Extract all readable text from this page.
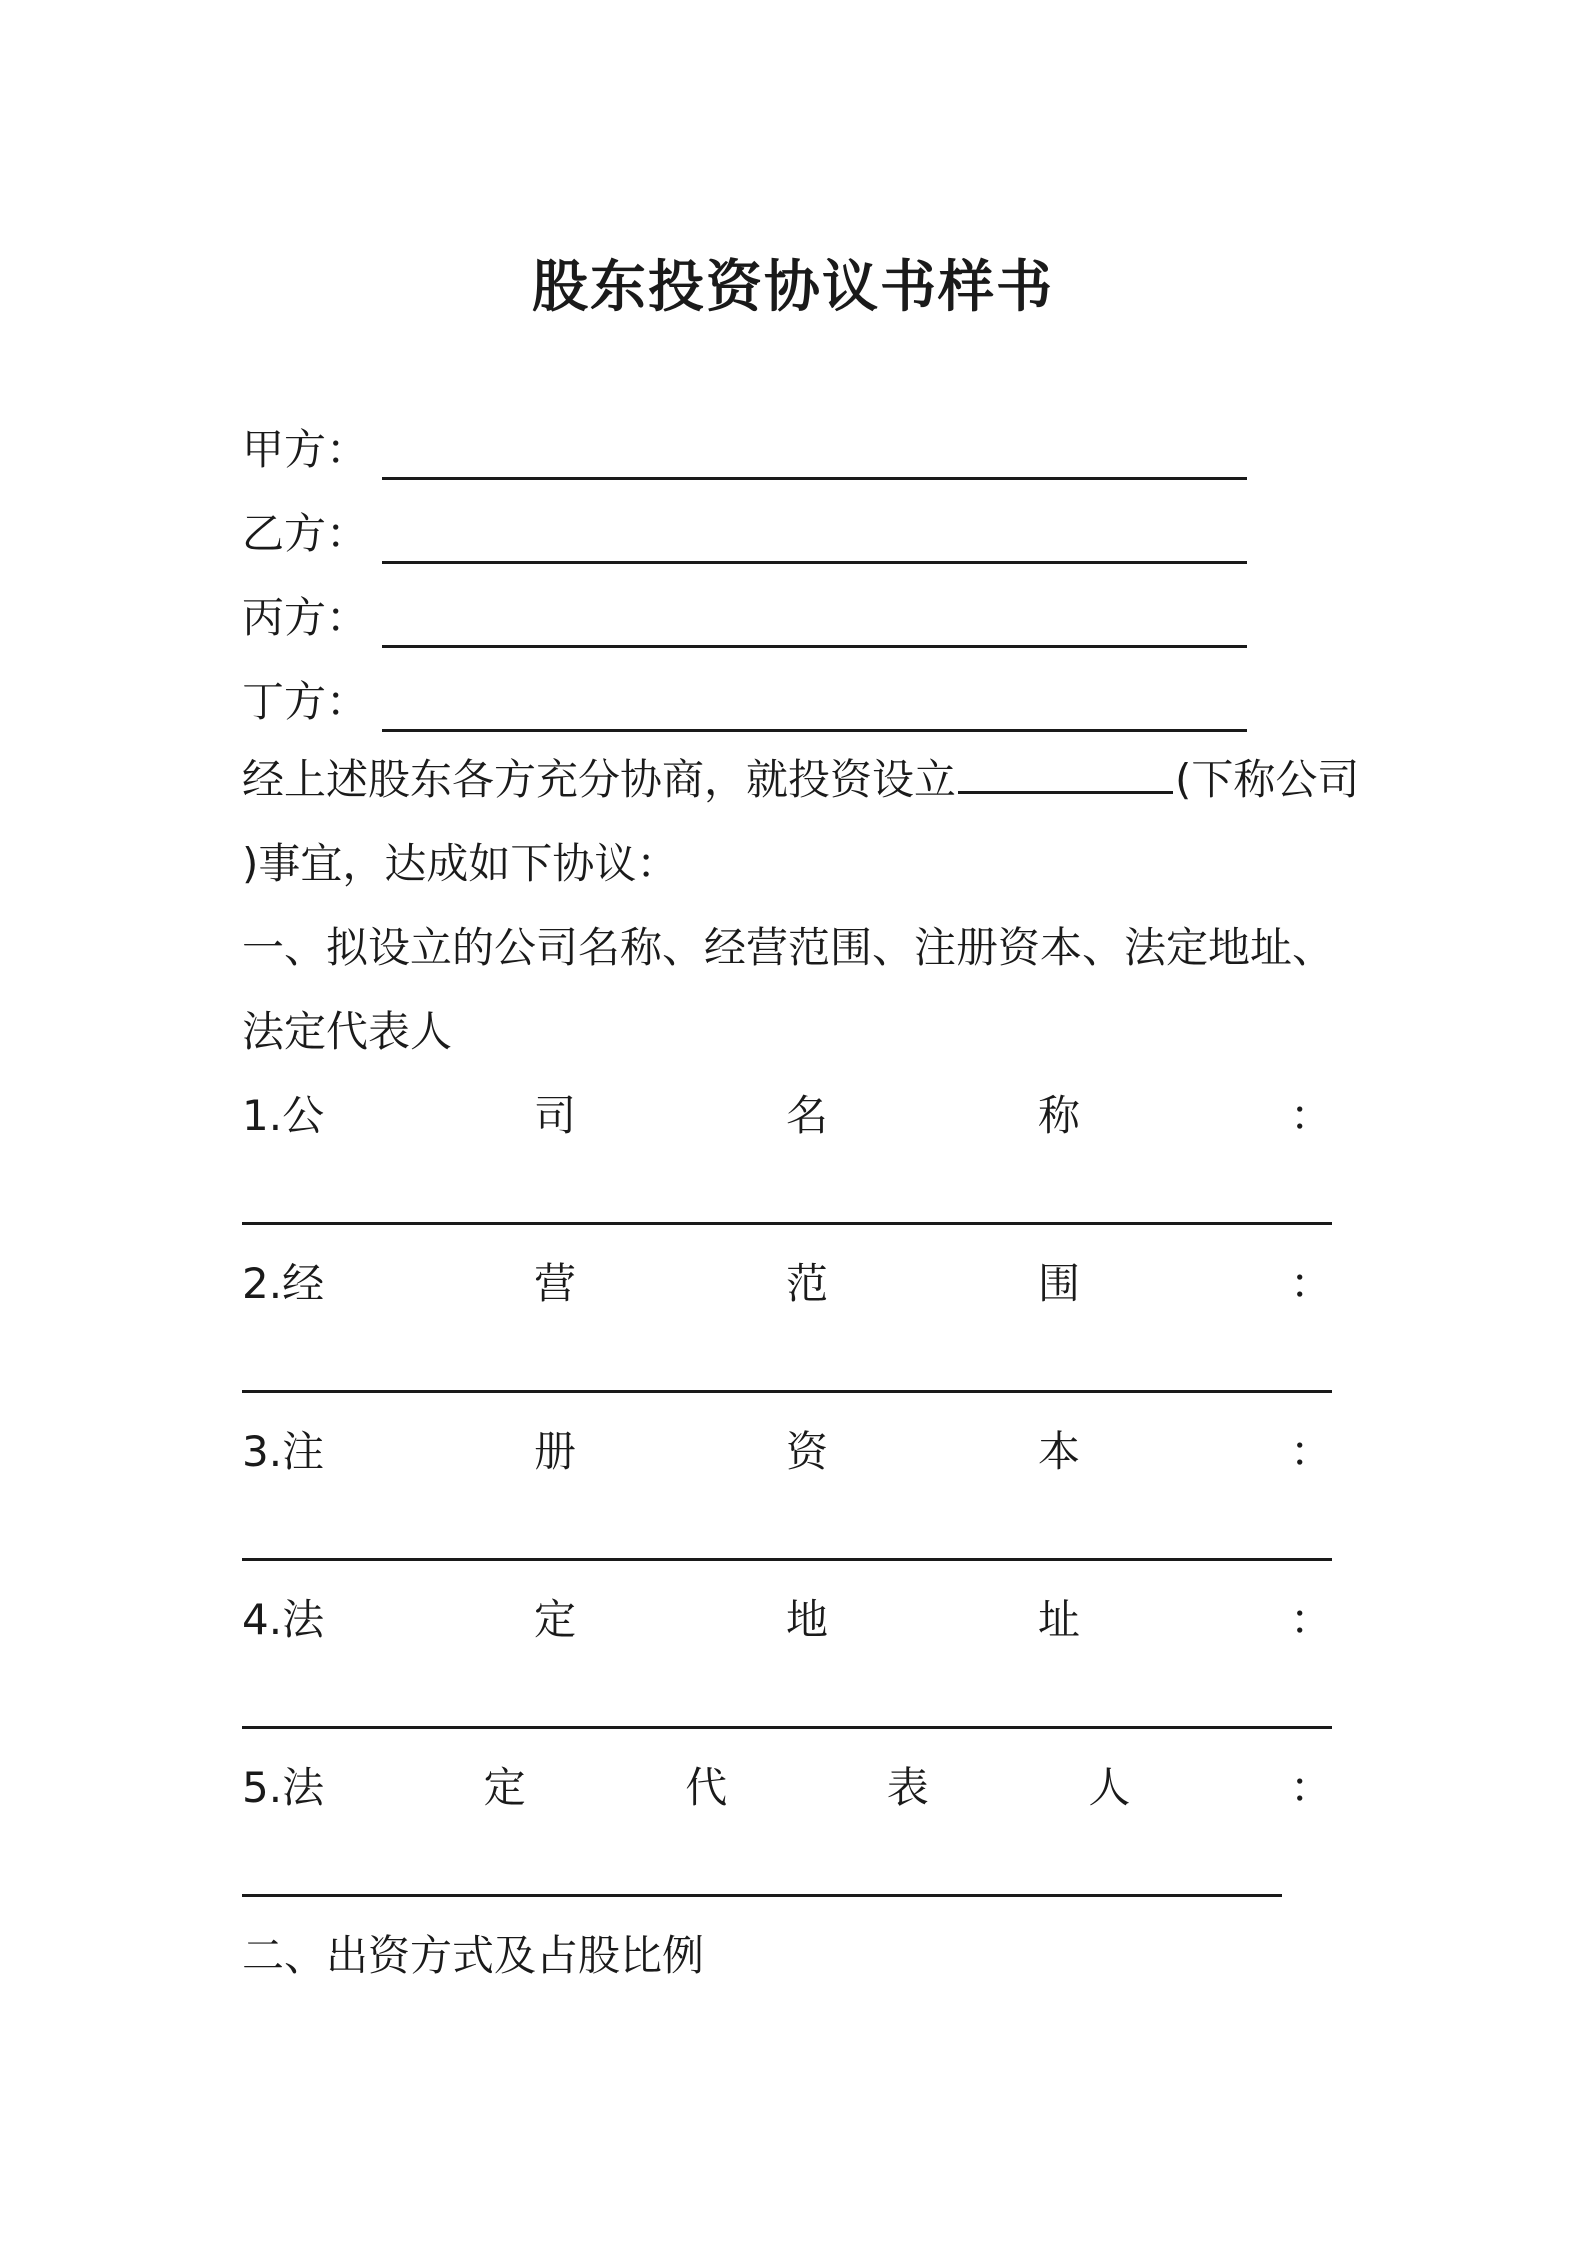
股东投资协议书样书
甲方：
乙方：
丙方：
丁方：
经上述股东各方充分协商，就投资设立	(下称公司
)事宜，达成如下协议：
一、拟设立的公司名称、经营范围、注册资本、法定地址、
法定代表人
1.公	司	名	称	：
2.经	营	范	围	：
3.注	册	资	本	：
4.法	定	地	址	：
5.法	定	代	表	人	：
二、出资方式及占股比例
